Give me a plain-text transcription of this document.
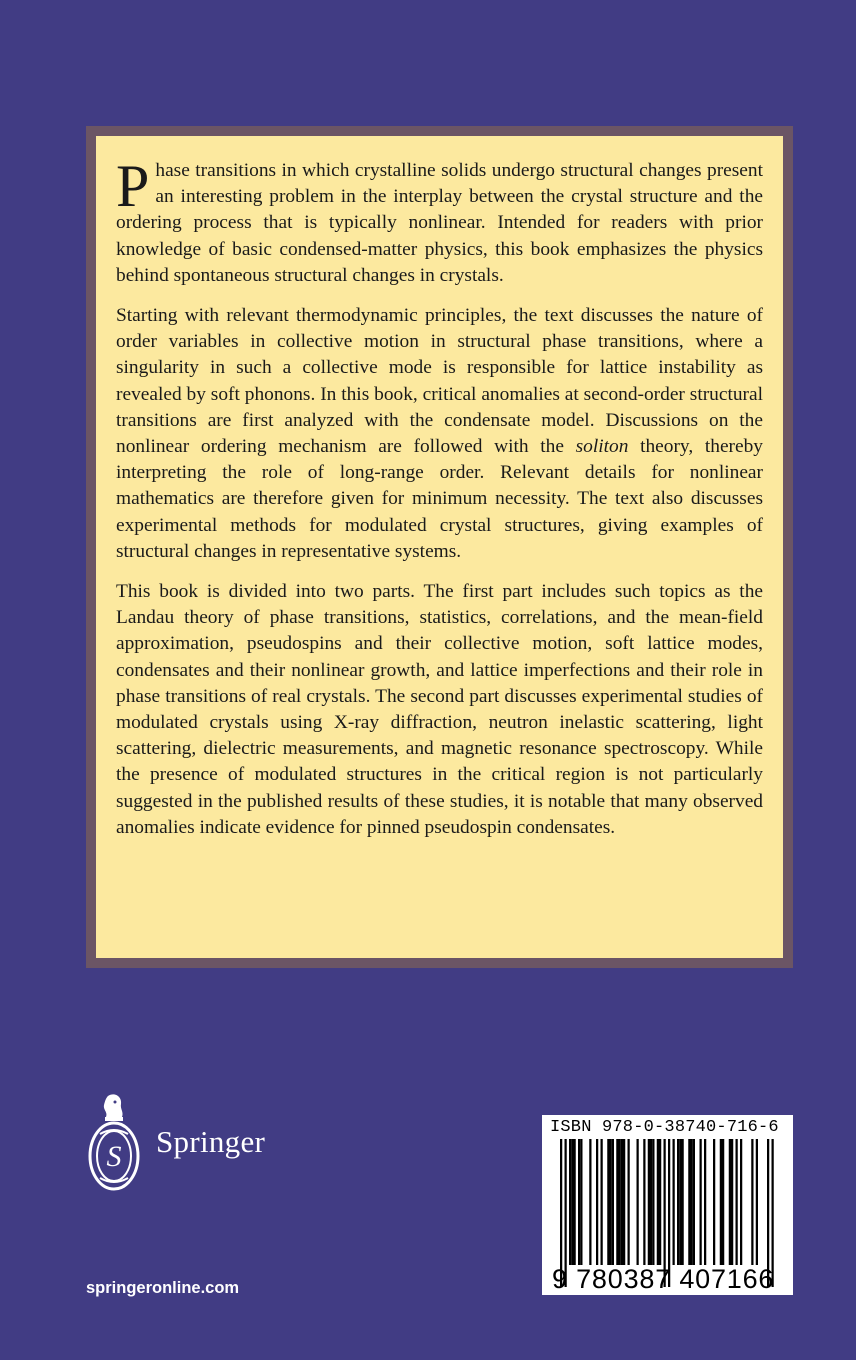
Phase transitions in which crystalline solids undergo structural changes present an interesting problem in the interplay between the crystal structure and the ordering process that is typically nonlinear. Intended for readers with prior knowledge of basic condensed-matter physics, this book emphasizes the physics behind spontaneous structural changes in crystals.

Starting with relevant thermodynamic principles, the text discusses the nature of order variables in collective motion in structural phase transitions, where a singularity in such a collective mode is responsible for lattice instability as revealed by soft phonons. In this book, critical anomalies at second-order structural transitions are first analyzed with the condensate model. Discussions on the nonlinear ordering mechanism are followed with the soliton theory, thereby interpreting the role of long-range order. Relevant details for nonlinear mathematics are therefore given for minimum necessity. The text also discusses experimental methods for modulated crystal structures, giving examples of structural changes in representative systems.

This book is divided into two parts. The first part includes such topics as the Landau theory of phase transitions, statistics, correlations, and the mean-field approximation, pseudospins and their collective motion, soft lattice modes, condensates and their nonlinear growth, and lattice imperfections and their role in phase transitions of real crystals. The second part discusses experimental studies of modulated crystals using X-ray diffraction, neutron inelastic scattering, light scattering, dielectric measurements, and magnetic resonance spectroscopy. While the presence of modulated structures in the critical region is not particularly suggested in the published results of these studies, it is notable that many observed anomalies indicate evidence for pinned pseudospin condensates.

S Springer
springeronline.com
ISBN 978-0-38740-716-6
9 780387 407166
